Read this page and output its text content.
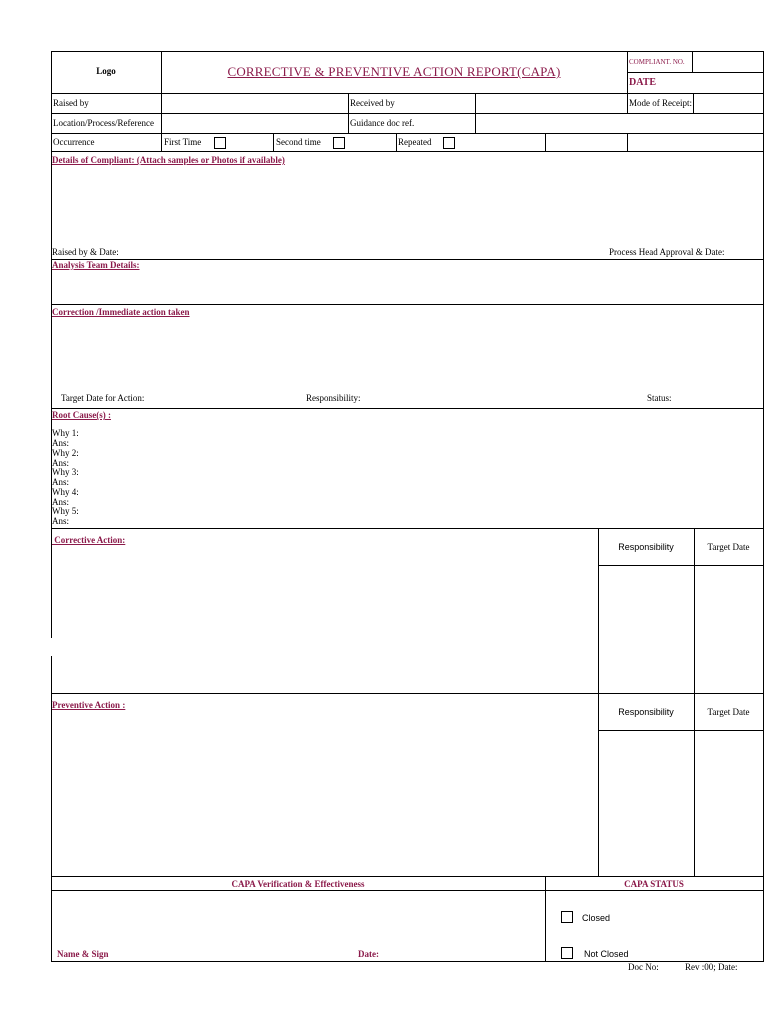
Logo	CORRECTIVE & PREVENTIVE ACTION REPORT(CAPA)
COMPLIANT. NO.
DATE
Raised by	Received by	Mode of Receipt:
Location/Process/Reference	Guidance doc ref.
Occurrence	First Time	Second time	Repeated
Details of Compliant: (Attach samples or Photos if available)
Raised by & Date:	Process Head Approval & Date:
Analysis Team Details:
Correction /Immediate action taken
Target Date for Action:	Responsibility:	Status:
Root Cause(s) :
Why 1:
Ans:
Why 2:
Ans:
Why 3:
Ans:
Why 4:
Ans:
Why 5:
Ans:
Corrective Action:
Responsibility	Target Date
Preventive Action :
Responsibility	Target Date
CAPA Verification & Effectiveness	CAPA STATUS
Name & Sign	Date:
Closed
Not Closed
Doc No:	Rev :00; Date:
